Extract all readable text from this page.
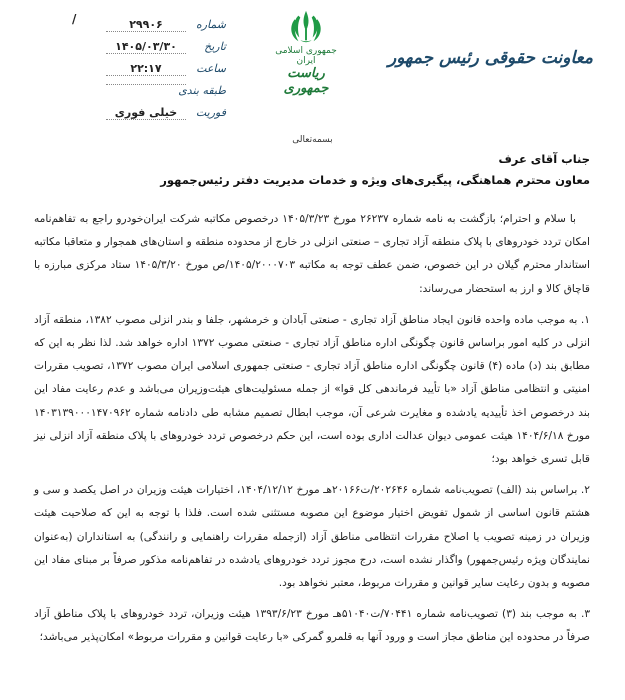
معاونت حقوقی رئیس جمهور
جمهوری اسلامی ایران
ریاست جمهوری
شماره
۲۹۹۰۶
/
تاریخ
۱۴۰۵/۰۳/۳۰
ساعت
۲۲:۱۷
طبقه بندی
فوریت
خیلی فوری
بسمه‌تعالی
جناب آقای عرف
معاون محترم هماهنگی، پیگیری‌های ویژه و خدمات مدیریت دفتر رئیس‌جمهور

با سلام و احترام؛ بازگشت به نامه شماره ۲۶۲۳۷ مورخ ۱۴۰۵/۳/۲۳ درخصوص مکاتبه شرکت ایران‌خودرو راجع به تفاهم‌نامه امکان تردد خودروهای با پلاک منطقه آزاد تجاری – صنعتی انزلی در خارج از محدوده منطقه و استان‌های همجوار و متعاقبا مکاتبه استاندار محترم گیلان در این خصوص، ضمن عطف توجه به مکاتبه ۱۴۰۵/۲۰۰۰۷۰۳/ص مورخ ۱۴۰۵/۳/۲۰ ستاد مرکزی مبارزه با قاچاق کالا و ارز به استحضار می‌رساند:

۱. به موجب ماده واحده قانون ایجاد مناطق آزاد تجاری - صنعتی آبادان و خرمشهر، جلفا و بندر انزلی مصوب ۱۳۸۲، منطقه آزاد انزلی در کلیه امور براساس قانون چگونگی اداره مناطق آزاد تجاری - صنعتی مصوب ۱۳۷۲ اداره خواهد شد. لذا نظر به این که مطابق بند (د) ماده (۴) قانون چگونگی اداره مناطق آزاد تجاری - صنعتی جمهوری اسلامی ایران مصوب ۱۳۷۲، تصویب مقررات امنیتی و انتظامی مناطق آزاد «با تأیید فرماندهی کل قوا» از جمله مسئولیت‌های هیئت‌وزیران می‌باشد و عدم رعایت مفاد این بند درخصوص اخذ تأییدیه یادشده و مغایرت شرعی آن، موجب ابطال تصمیم مشابه طی دادنامه شماره ۱۴۰۳۱۳۹۰۰۰۱۴۷۰۹۶۲ مورخ ۱۴۰۴/۶/۱۸ هیئت عمومی دیوان عدالت اداری بوده است، این حکم درخصوص تردد خودروهای با پلاک منطقه آزاد انزلی نیز قابل تسری خواهد بود؛

۲. براساس بند (الف) تصویب‌نامه شماره ۲۰۲۶۴۶/ت۲۰۱۶۶هـ مورخ ۱۴۰۴/۱۲/۱۲، اختیارات هیئت وزیران در اصل یکصد و سی و هشتم قانون اساسی از شمول تفویض اختیار موضوع این مصوبه مستثنی شده است. فلذا با توجه به این که صلاحیت هیئت وزیران در زمینه تصویب یا اصلاح مقررات انتظامی مناطق آزاد (ازجمله مقررات راهنمایی و رانندگی) به استانداران (به‌عنوان نمایندگان ویژه رئیس‌جمهور) واگذار نشده است، درج مجوز تردد خودروهای یادشده در تفاهم‌نامه مذکور صرفاً بر مبنای مفاد این مصوبه و بدون رعایت سایر قوانین و مقررات مربوط، معتبر نخواهد بود.

۳. به موجب بند (۳) تصویب‌نامه شماره ۷۰۴۴۱/ت۵۱۰۴۰هـ مورخ ۱۳۹۳/۶/۲۳ هیئت وزیران، تردد خودروهای با پلاک مناطق آزاد صرفاً در محدوده این مناطق مجاز است و ورود آنها به قلمرو گمرکی «با رعایت قوانین و مقررات مربوط» امکان‌پذیر می‌باشد؛
